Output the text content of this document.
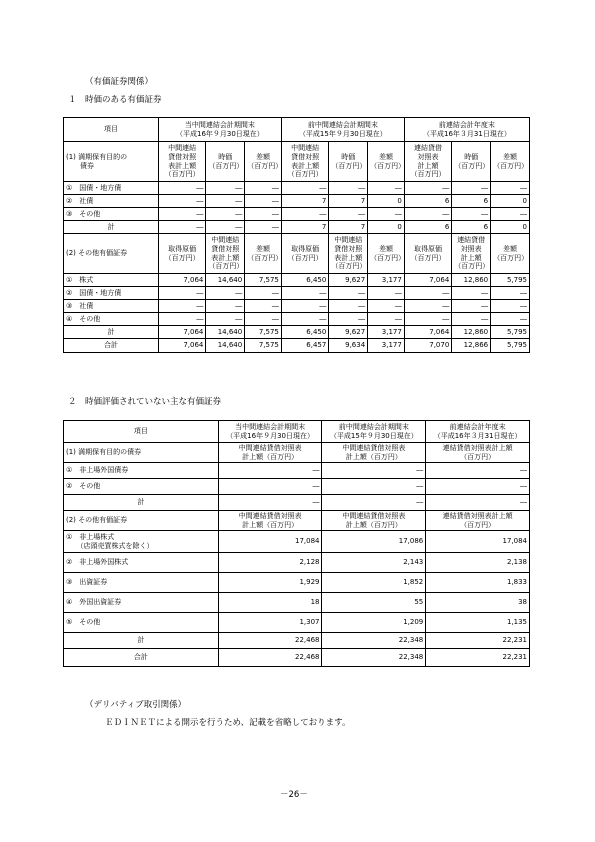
（有価証券関係）
１　時価のある有価証券
項目	当中間連結会計期間末
（平成16年９月30日現在）			前中間連結会計期間末
（平成15年９月30日現在）			前連結会計年度末
（平成16年３月31日現在）		
(1) 満期保有目的の
　　債券	中間連結
貸借対照
表計上額
（百万円）	時価
（百万円）	差額
（百万円）	中間連結
貸借対照
表計上額
（百万円）	時価
（百万円）	差額
（百万円）	連結貸借
対照表
計上額
（百万円）	時価
（百万円）	差額
（百万円）
①　国債・地方債	―	―	―	―	―	―	―	―	―
②　社債	―	―	―	7	7	0	6	6	0
③　その他	―	―	―	―	―	―	―	―	―
計	―	―	―	7	7	0	6	6	0
(2) その他有価証券	取得原価
（百万円）	中間連結
貸借対照
表計上額
（百万円）	差額
（百万円）	取得原価
（百万円）	中間連結
貸借対照
表計上額
（百万円）	差額
（百万円）	取得原価
（百万円）	連結貸借
対照表
計上額
（百万円）	差額
（百万円）
①　株式	7,064	14,640	7,575	6,450	9,627	3,177	7,064	12,860	5,795
②　国債・地方債	―	―	―	―	―	―	―	―	―
③　社債	―	―	―	―	―	―	―	―	―
④　その他	―	―	―	―	―	―	―	―	―
計	7,064	14,640	7,575	6,450	9,627	3,177	7,064	12,860	5,795
合計	7,064	14,640	7,575	6,457	9,634	3,177	7,070	12,866	5,795
２　時価評価されていない主な有価証券
項目	当中間連結会計期間末
（平成16年９月30日現在）	前中間連結会計期間末
（平成15年９月30日現在）	前連結会計年度末
（平成16年３月31日現在）
(1) 満期保有目的の債券	中間連結貸借対照表
計上額（百万円）	中間連結貸借対照表
計上額（百万円）	連結貸借対照表計上額
（百万円）
①　非上場外国債券	―	―	―
②　その他	―	―	―
計	―	―	―
(2) その他有価証券	中間連結貸借対照表
計上額（百万円）	中間連結貸借対照表
計上額（百万円）	連結貸借対照表計上額
（百万円）
①　非上場株式
　　（店頭売買株式を除く）	17,084	17,086	17,084
②　非上場外国株式	2,128	2,143	2,138
③　出資証券	1,929	1,852	1,833
④　外国出資証券	18	55	38
⑤　その他	1,307	1,209	1,135
計	22,468	22,348	22,231
合計	22,468	22,348	22,231
（デリバティブ取引関係）
ＥＤＩＮＥＴによる開示を行うため、記載を省略しております。
－26－
